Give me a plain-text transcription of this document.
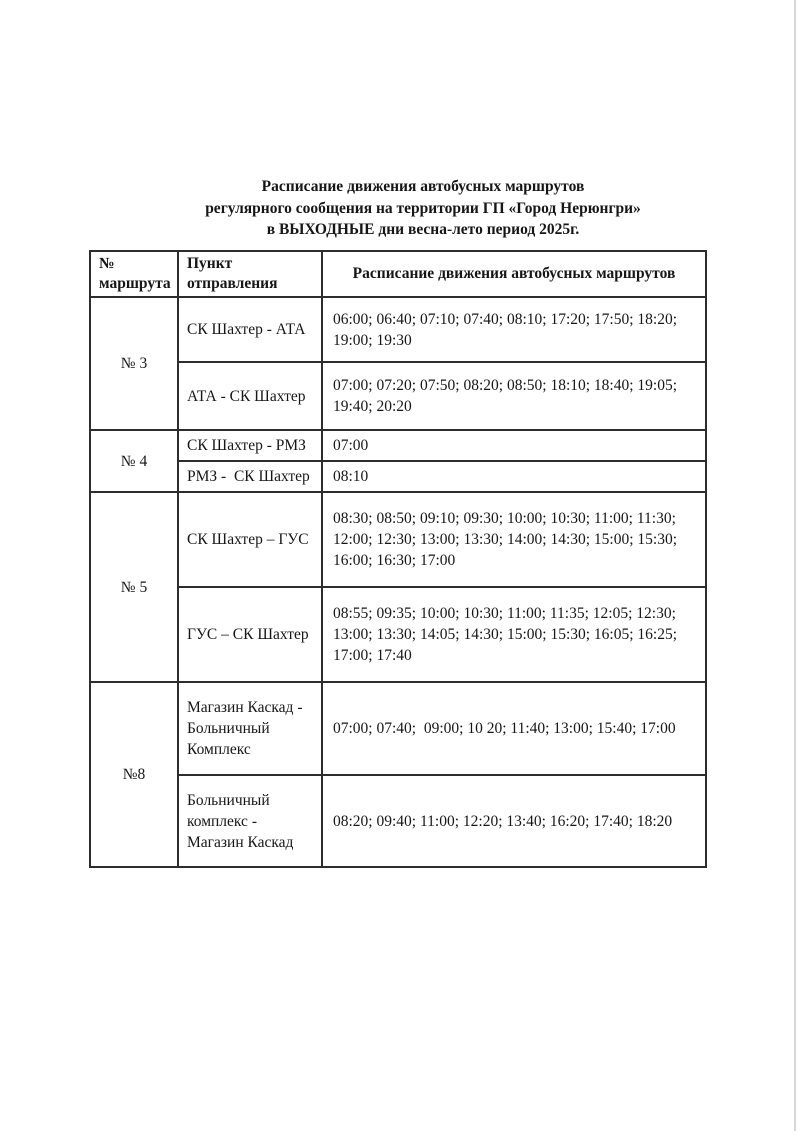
Расписание движения автобусных маршрутов
регулярного сообщения на территории ГП «Город Нерюнгри»
в ВЫХОДНЫЕ дни весна-лето период 2025г.
№ маршрута	Пункт отправления	Расписание движения автобусных маршрутов
№ 3	СК Шахтер - АТА	06:00; 06:40; 07:10; 07:40; 08:10; 17:20; 17:50; 18:20; 19:00; 19:30
	АТА - СК Шахтер	07:00; 07:20; 07:50; 08:20; 08:50; 18:10; 18:40; 19:05; 19:40; 20:20
№ 4	СК Шахтер - РМЗ	07:00
	РМЗ -  СК Шахтер	08:10
№ 5	СК Шахтер – ГУС	08:30; 08:50; 09:10; 09:30; 10:00; 10:30; 11:00; 11:30; 12:00; 12:30; 13:00; 13:30; 14:00; 14:30; 15:00; 15:30; 16:00; 16:30; 17:00
	ГУС – СК Шахтер	08:55; 09:35; 10:00; 10:30; 11:00; 11:35; 12:05; 12:30; 13:00; 13:30; 14:05; 14:30; 15:00; 15:30; 16:05; 16:25; 17:00; 17:40
№8	Магазин Каскад - Больничный Комплекс	07:00; 07:40;  09:00; 10 20; 11:40; 13:00; 15:40; 17:00
	Больничный комплекс - Магазин Каскад	08:20; 09:40; 11:00; 12:20; 13:40; 16:20; 17:40; 18:20
